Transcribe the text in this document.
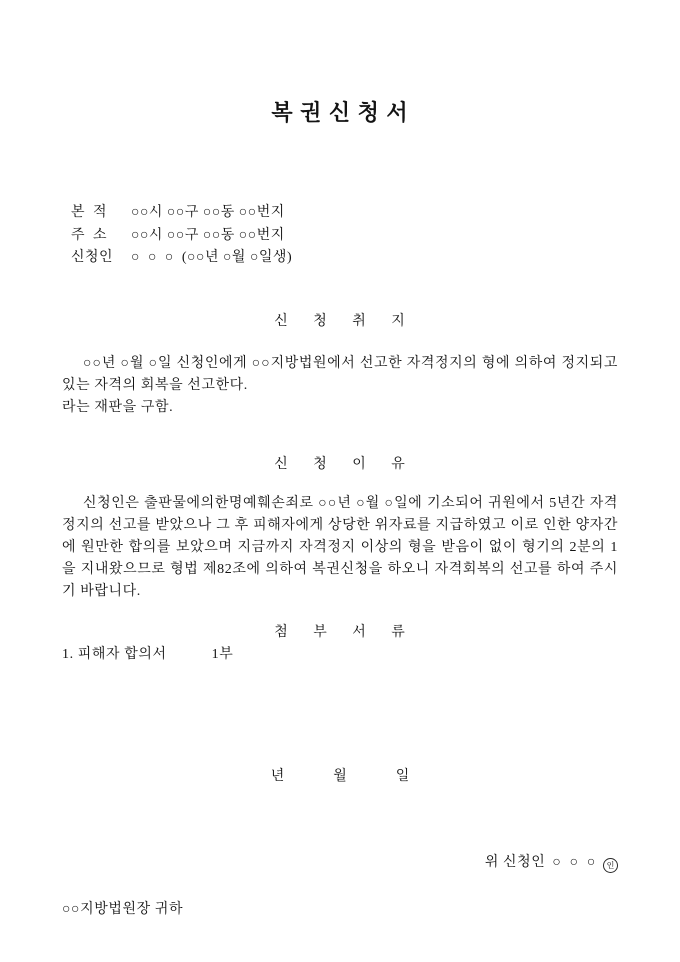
복 권 신 청 서
본  적 ○○시 ○○구 ○○동 ○○번지
주  소 ○○시 ○○구 ○○동 ○○번지
신청인 ○  ○  ○  (○○년 ○월 ○일생)
신 청 취 지

○○년 ○월 ○일 신청인에게 ○○지방법원에서 선고한 자격정지의 형에 의하여 정지되고 있는 자격의 회복을 선고한다.

라는 재판을 구함.
신 청 이 유

신청인은 출판물에의한명예훼손죄로 ○○년 ○월 ○일에 기소되어 귀원에서 5년간 자격정지의 선고를 받았으나 그 후 피해자에게 상당한 위자료를 지급하였고 이로 인한 양자간에 원만한 합의를 보았으며 지금까지 자격정지 이상의 형을 받음이 없이 형기의 2분의 1을 지내왔으므로 형법 제82조에 의하여 복권신청을 하오니 자격회복의 선고를 하여 주시기 바랍니다.

첨 부 서 류
1. 피해자 합의서	1부
년	월	일

위 신청인 ○  ○  ○ 인

○○지방법원장 귀하
